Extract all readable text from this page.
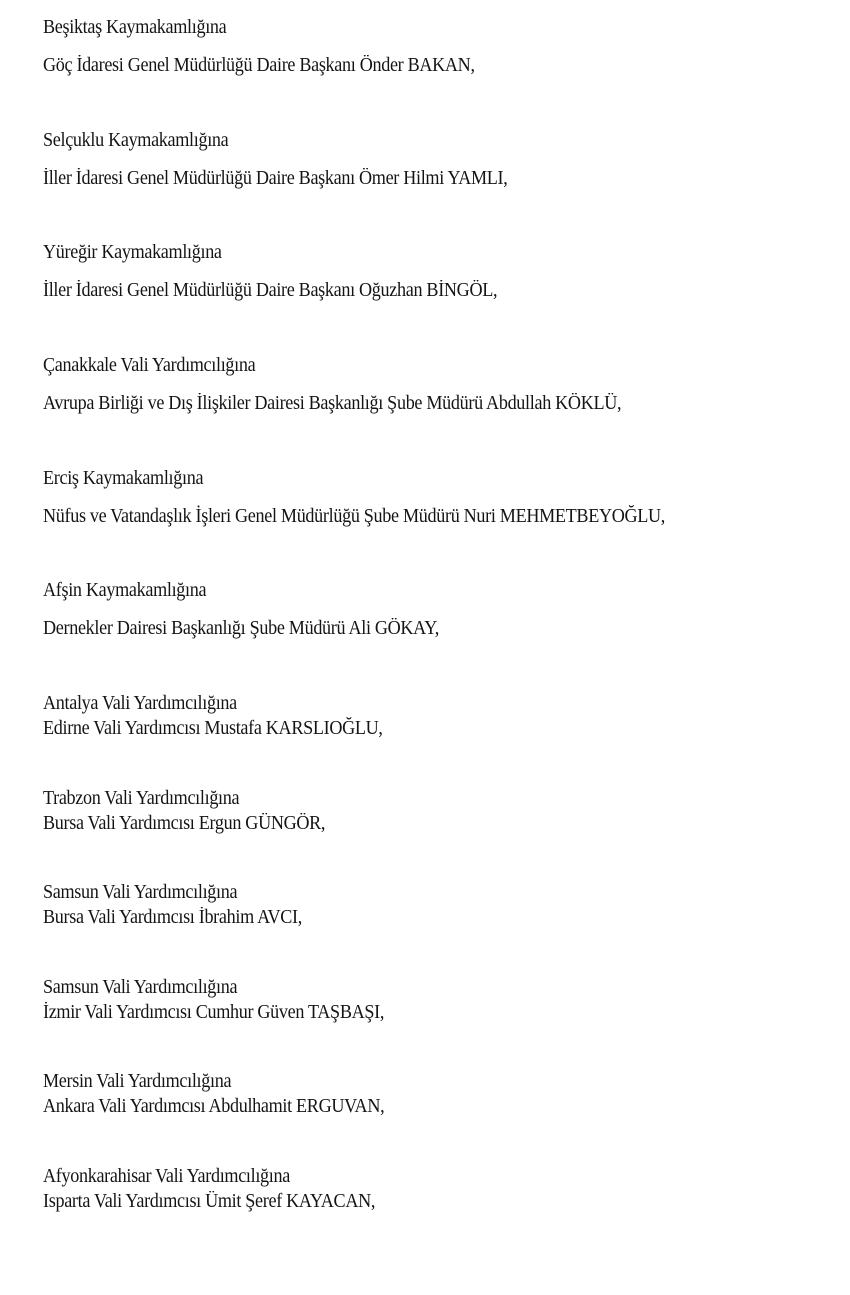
Beşiktaş Kaymakamlığına
Göç İdaresi Genel Müdürlüğü Daire Başkanı Önder BAKAN,
Selçuklu Kaymakamlığına
İller İdaresi Genel Müdürlüğü Daire Başkanı Ömer Hilmi YAMLI,
Yüreğir Kaymakamlığına
İller İdaresi Genel Müdürlüğü Daire Başkanı Oğuzhan BİNGÖL,
Çanakkale Vali Yardımcılığına
Avrupa Birliği ve Dış İlişkiler Dairesi Başkanlığı Şube Müdürü Abdullah KÖKLÜ,
Erciş Kaymakamlığına
Nüfus ve Vatandaşlık İşleri Genel Müdürlüğü Şube Müdürü Nuri MEHMETBEYOĞLU,
Afşin Kaymakamlığına
Dernekler Dairesi Başkanlığı Şube Müdürü Ali GÖKAY,
Antalya Vali Yardımcılığına
Edirne Vali Yardımcısı Mustafa KARSLIOĞLU,
Trabzon Vali Yardımcılığına
Bursa Vali Yardımcısı Ergun GÜNGÖR,
Samsun Vali Yardımcılığına
Bursa Vali Yardımcısı İbrahim AVCI,
Samsun Vali Yardımcılığına
İzmir Vali Yardımcısı Cumhur Güven TAŞBAŞI,
Mersin Vali Yardımcılığına
Ankara Vali Yardımcısı Abdulhamit ERGUVAN,
Afyonkarahisar Vali Yardımcılığına
Isparta Vali Yardımcısı Ümit Şeref KAYACAN,
